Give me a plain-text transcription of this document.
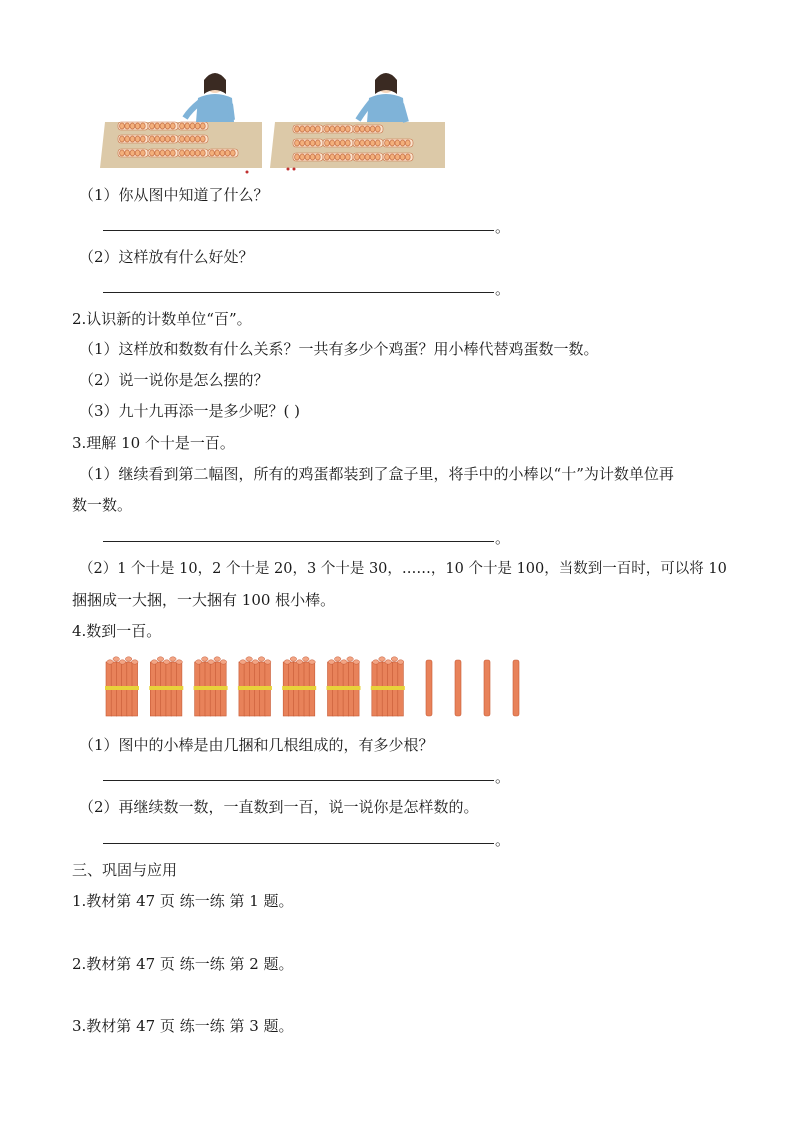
（1）你从图中知道了什么？
。
（2）这样放有什么好处？
。
2.认识新的计数单位“百”。
（1）这样放和数数有什么关系？一共有多少个鸡蛋？用小棒代替鸡蛋数一数。
（2）说一说你是怎么摆的？
（3）九十九再添一是多少呢？( )
3.理解 10 个十是一百。
（1）继续看到第二幅图，所有的鸡蛋都装到了盒子里，将手中的小棒以“十”为计数单位再
数一数。
。
（2）1 个十是 10，2 个十是 20，3 个十是 30，……，10 个十是 100，当数到一百时，可以将 10
捆捆成一大捆，一大捆有 100 根小棒。
4.数到一百。
（1）图中的小棒是由几捆和几根组成的，有多少根？
。
（2）再继续数一数，一直数到一百，说一说你是怎样数的。
。
三、巩固与应用
1.教材第 47 页 练一练 第 1 题。
2.教材第 47 页 练一练 第 2 题。
3.教材第 47 页 练一练 第 3 题。
